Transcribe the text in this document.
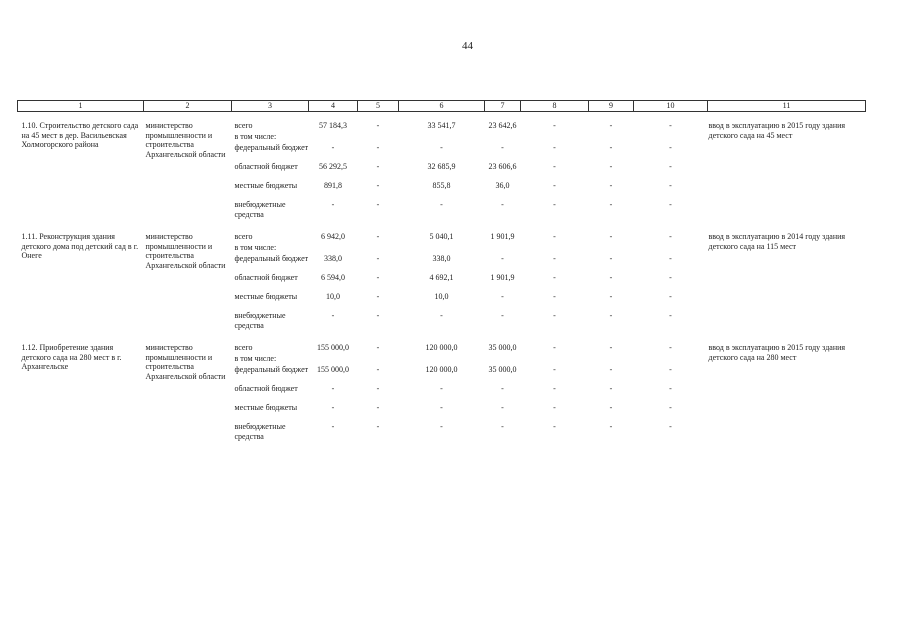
44
1	2	3	4	5	6	7	8	9	10	11

1.10. Строительство детского сада на 45 мест в дер. Васильевская Холмогорского района	министерство промышленности и строительства Архангельской области	всего	57 184,3	-	33 541,7	23 642,6	-	-	-	ввод в эксплуатацию в 2015 году здания детского сада на 45 мест
		в том числе:								
		федеральный бюджет	-	-	-	-	-	-	-	
		областной бюджет	56 292,5	-	32 685,9	23 606,6	-	-	-	
		местные бюджеты	891,8	-	855,8	36,0	-	-	-	
		внебюджетные средства	-	-	-	-	-	-	-	

1.11. Реконструкция здания детского дома под детский сад в г. Онеге	министерство промышленности и строительства Архангельской области	всего	6 942,0	-	5 040,1	1 901,9	-	-	-	ввод в эксплуатацию в 2014 году здания детского сада на 115 мест
		в том числе:								
		федеральный бюджет	338,0	-	338,0	-	-	-	-	
		областной бюджет	6 594,0	-	4 692,1	1 901,9	-	-	-	
		местные бюджеты	10,0	-	10,0	-	-	-	-	
		внебюджетные средства	-	-	-	-	-	-	-	

1.12. Приобретение здания детского сада на 280 мест в г. Архангельске	министерство промышленности и строительства Архангельской области	всего	155 000,0	-	120 000,0	35 000,0	-	-	-	ввод в эксплуатацию в 2015 году здания детского сада на 280 мест
		в том числе:								
		федеральный бюджет	155 000,0	-	120 000,0	35 000,0	-	-	-	
		областной бюджет	-	-	-	-	-	-	-	
		местные бюджеты	-	-	-	-	-	-	-	
		внебюджетные средства	-	-	-	-	-	-	-	
